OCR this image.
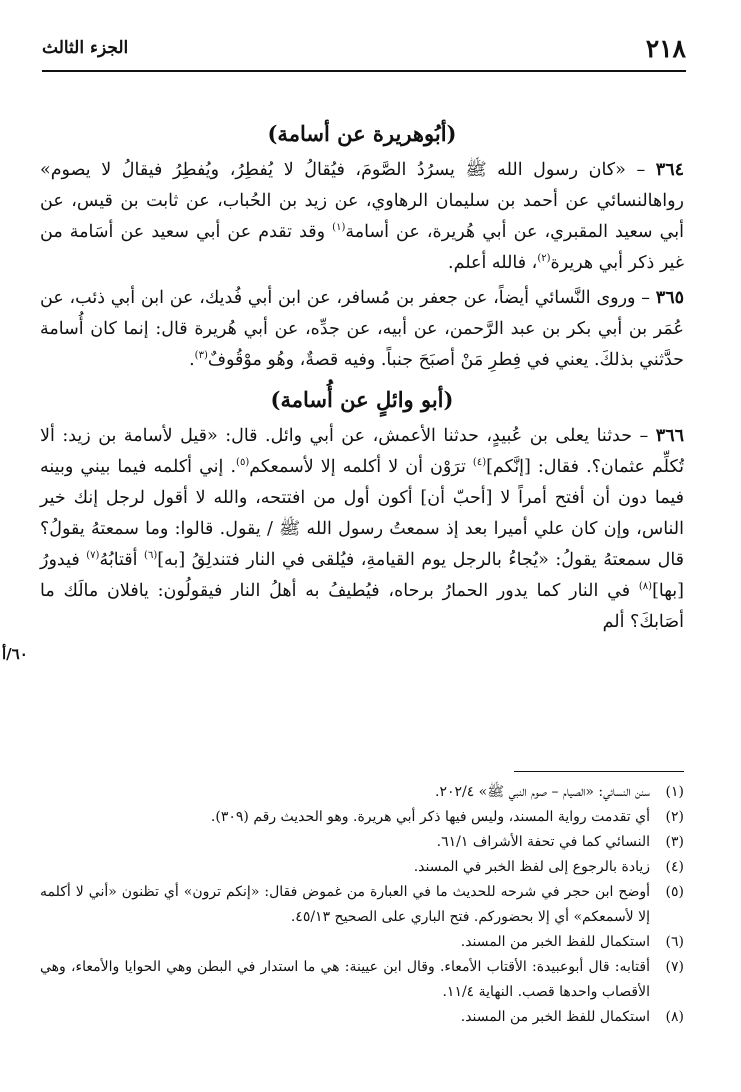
٢١٨
الجزء الثالث
(أبُوهريرة عن أسامة)

٣٦٤ – «كان رسول الله ﷺ يسرُدُ الصَّومَ، فيُقالُ لا يُفطِرُ، ويُفطِرُ فيقالُ لا يصوم» رواهالنسائي عن أحمد بن سليمان الرهاوي، عن زيد بن الحُباب، عن ثابت بن قيس، عن أبي سعيد المقبري، عن أبي هُريرة، عن أسامة$^{(١)}$ وقد تقدم عن أبي سعيد عن أسَامة من غير ذكر أبي هريرة$^{(٢)}$، فالله أعلم.

٣٦٥ – وروى النَّسائي أيضاً، عن جعفر بن مُسافر، عن ابن أبي فُديك، عن ابن أبي ذئب، عن عُمَر بن أبي بكر بن عبد الرَّحمن، عن أبيه، عن جدِّه، عن أبي هُريرة قال: إنما كان أُسامة حدَّثني بذلكَ. يعني في فِطرِ مَنْ أصبَحَ جنباً. وفيه قصةٌ، وهُو موْقُوفٌ$^{(٣)}$.

(أبو وائلٍ عن أُسامة)

٣٦٦ – حدثنا يعلى بن عُبيدٍ، حدثنا الأعمش، عن أبي وائل. قال: «قيل لأسامة بن زيد: ألا تُكلِّم عثمان؟. فقال: [إنَّكم]$^{(٤)}$ ترَوْن أن لا أكلمه إلا لأسمعكم$^{(٥)}$. إني أكلمه فيما بيني وبينه فيما دون أن أفتح أمراً لا [أحبّ أن] أكون أول من افتتحه، والله لا أقول لرجل إنك خير الناس، وإن كان علي أميرا بعد إذ سمعتُ رسول الله ﷺ / يقول. قالوا: وما سمعتهُ يقولُ؟ قال سمعتهُ يقولُ: «يُجاءُ بالرجل يوم القيامةِ، فيُلقى في النار فتندلِقُ [به]$^{(٦)}$ أقتابُهُ$^{(٧)}$ فيدورُ [بها]$^{(٨)}$ في النار كما يدور الحمارُ برحاه، فيُطيفُ به أهلُ النار فيقولُون: يافلان مالَك ما أصَابكَ؟ ألم

٦٠/أ
(١)
سنن النسائي: «الصيام – صوم النبي ﷺ» ٢٠٢/٤.
(٢)
أي تقدمت رواية المسند، وليس فيها ذكر أبي هريرة. وهو الحديث رقم (٣٠٩).
(٣)
النسائي كما في تحفة الأشراف ٦١/١.
(٤)
زيادة بالرجوع إلى لفظ الخبر في المسند.
(٥)
أوضح ابن حجر في شرحه للحديث ما في العبارة من غموض فقال: «إنكم ترون» أي تظنون «أني لا أكلمه إلا لأسمعكم» أي إلا بحضوركم. فتح الباري على الصحيح ٤٥/١٣.
(٦)
استكمال للفظ الخبر من المسند.
(٧)
أقتابه: قال أبوعبيدة: الأقتاب الأمعاء. وقال ابن عيينة: هي ما استدار في البطن وهي الحوايا والأمعاء، وهي الأقصاب واحدها قصب. النهاية ١١/٤.
(٨)
استكمال للفظ الخبر من المسند.
